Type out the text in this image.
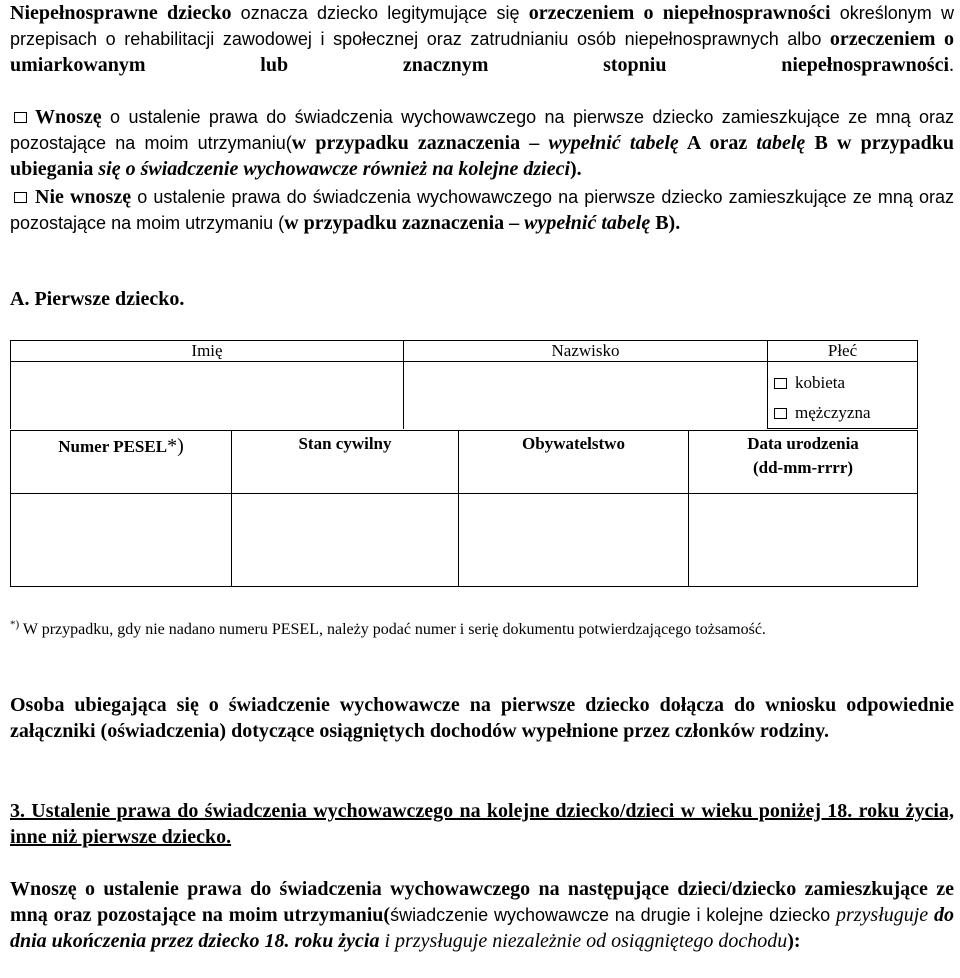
Niepełnosprawne dziecko oznacza dziecko legitymujące się orzeczeniem o niepełnosprawności określonym w przepisach o rehabilitacji zawodowej i społecznej oraz zatrudnianiu osób niepełnosprawnych albo orzeczeniem o umiarkowanym lub znacznym stopniu niepełnosprawności.

Wnoszę o ustalenie prawa do świadczenia wychowawczego na pierwsze dziecko zamieszkujące ze mną oraz pozostające na moim utrzymaniu(w przypadku zaznaczenia – wypełnić tabelę A oraz tabelę B w przypadku ubiegania się o świadczenie wychowawcze również na kolejne dzieci).

Nie wnoszę o ustalenie prawa do świadczenia wychowawczego na pierwsze dziecko zamieszkujące ze mną oraz pozostające na moim utrzymaniu (w przypadku zaznaczenia – wypełnić tabelę B).

A. Pierwsze dziecko.

Imię	Nazwisko	Płeć

		kobieta
mężczyzna
Numer PESEL*)	Stan cywilny	Obywatelstwo	Data urodzenia
(dd-mm-rrrr)

*) W przypadku, gdy nie nadano numeru PESEL, należy podać numer i serię dokumentu potwierdzającego tożsamość.

Osoba ubiegająca się o świadczenie wychowawcze na pierwsze dziecko dołącza do wniosku odpowiednie załączniki (oświadczenia) dotyczące osiągniętych dochodów wypełnione przez członków rodziny.

3. Ustalenie prawa do świadczenia wychowawczego na kolejne dziecko/dzieci w wieku poniżej 18. roku życia, inne niż pierwsze dziecko.

Wnoszę o ustalenie prawa do świadczenia wychowawczego na następujące dzieci/dziecko zamieszkujące ze mną oraz pozostające na moim utrzymaniu(świadczenie wychowawcze na drugie i kolejne dziecko przysługuje do dnia ukończenia przez dziecko 18. roku życia i przysługuje niezależnie od osiągniętego dochodu):
